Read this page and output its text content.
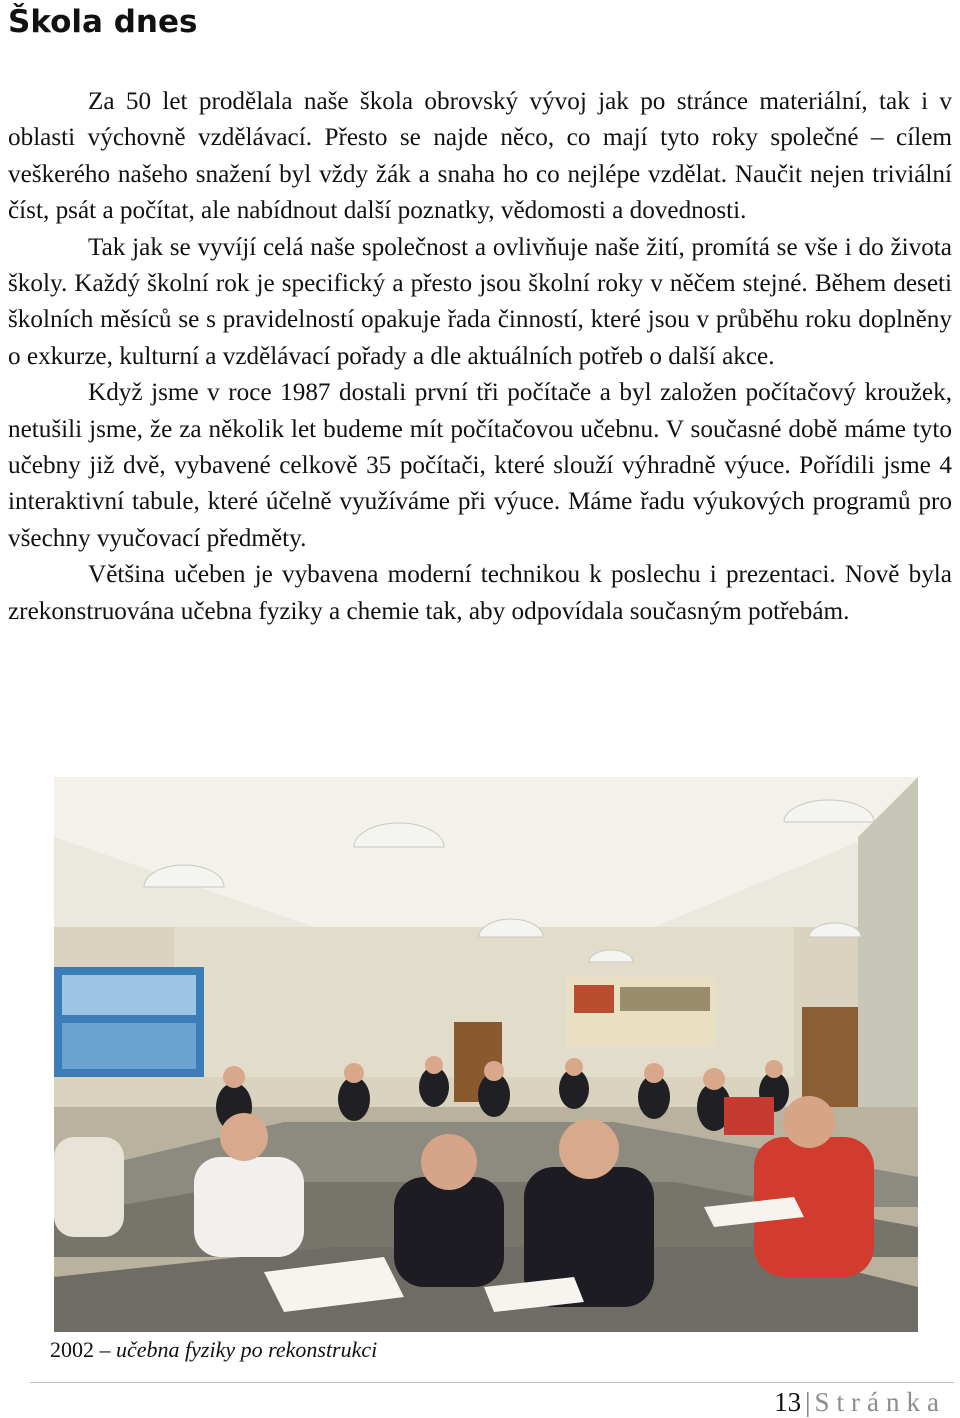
Škola dnes

Za 50 let prodělala naše škola obrovský vývoj jak po stránce materiální, tak i v oblasti výchovně vzdělávací. Přesto se najde něco, co mají tyto roky společné – cílem veškerého našeho snažení byl vždy žák a snaha ho co nejlépe vzdělat. Naučit nejen triviální číst, psát a počítat, ale nabídnout další poznatky, vědomosti a dovednosti.

Tak jak se vyvíjí celá naše společnost a ovlivňuje naše žití, promítá se vše i do života školy. Každý školní rok je specifický a přesto jsou školní roky v něčem stejné. Během deseti školních měsíců se s pravidelností opakuje řada činností, které jsou v průběhu roku doplněny o exkurze, kulturní a vzdělávací pořady a dle aktuálních potřeb o další akce.

Když jsme v roce 1987 dostali první tři počítače a byl založen počítačový kroužek, netušili jsme, že za několik let budeme mít počítačovou učebnu. V současné době máme tyto učebny již dvě, vybavené celkově 35 počítači, které slouží výhradně výuce. Pořídili jsme 4 interaktivní tabule, které účelně využíváme při výuce. Máme řadu výukových programů pro všechny vyučovací předměty.

Většina učeben je vybavena moderní technikou k poslechu i prezentaci. Nově byla zrekonstruována učebna fyziky a chemie tak, aby odpovídala současným potřebám.

2002 – učebna fyziky po rekonstrukci

13 | Stránka
